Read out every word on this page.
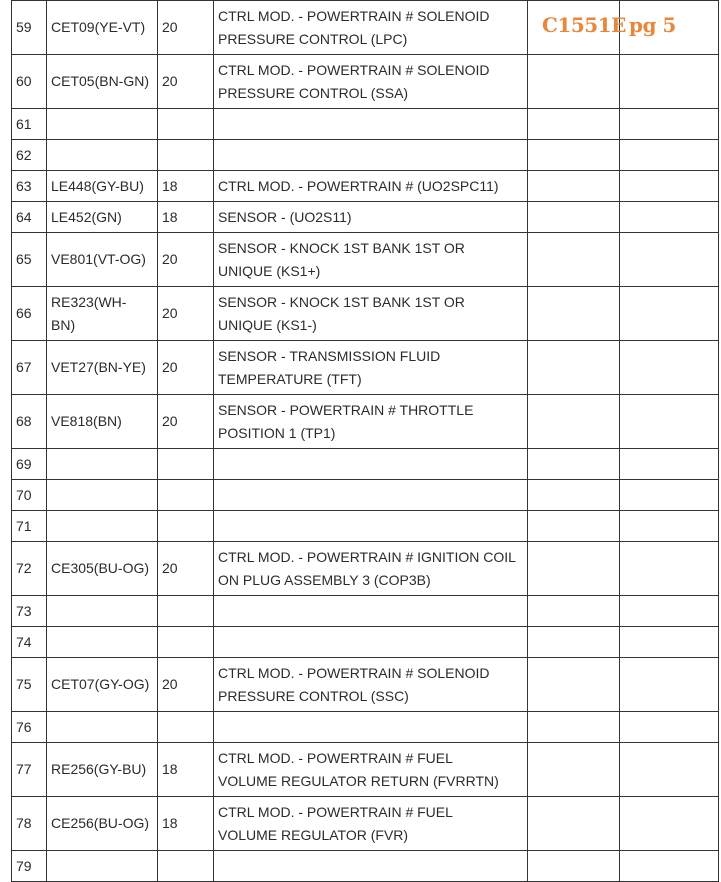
59	CET09(YE-VT)	20	CTRL MOD. - POWERTRAIN # SOLENOID
PRESSURE CONTROL (LPC)		
60	CET05(BN-GN)	20	CTRL MOD. - POWERTRAIN # SOLENOID
PRESSURE CONTROL (SSA)		
61					
62					
63	LE448(GY-BU)	18	CTRL MOD. - POWERTRAIN # (UO2SPC11)		
64	LE452(GN)	18	SENSOR - (UO2S11)		
65	VE801(VT-OG)	20	SENSOR - KNOCK 1ST BANK 1ST OR
UNIQUE (KS1+)		
66	RE323(WH-
BN)	20	SENSOR - KNOCK 1ST BANK 1ST OR
UNIQUE (KS1-)		
67	VET27(BN-YE)	20	SENSOR - TRANSMISSION FLUID
TEMPERATURE (TFT)		
68	VE818(BN)	20	SENSOR - POWERTRAIN # THROTTLE
POSITION 1 (TP1)		
69					
70					
71					
72	CE305(BU-OG)	20	CTRL MOD. - POWERTRAIN # IGNITION COIL
ON PLUG ASSEMBLY 3 (COP3B)		
73					
74					
75	CET07(GY-OG)	20	CTRL MOD. - POWERTRAIN # SOLENOID
PRESSURE CONTROL (SSC)		
76					
77	RE256(GY-BU)	18	CTRL MOD. - POWERTRAIN # FUEL
VOLUME REGULATOR RETURN (FVRRTN)		
78	CE256(BU-OG)	18	CTRL MOD. - POWERTRAIN # FUEL
VOLUME REGULATOR (FVR)		
79					
C1551E pg 5
